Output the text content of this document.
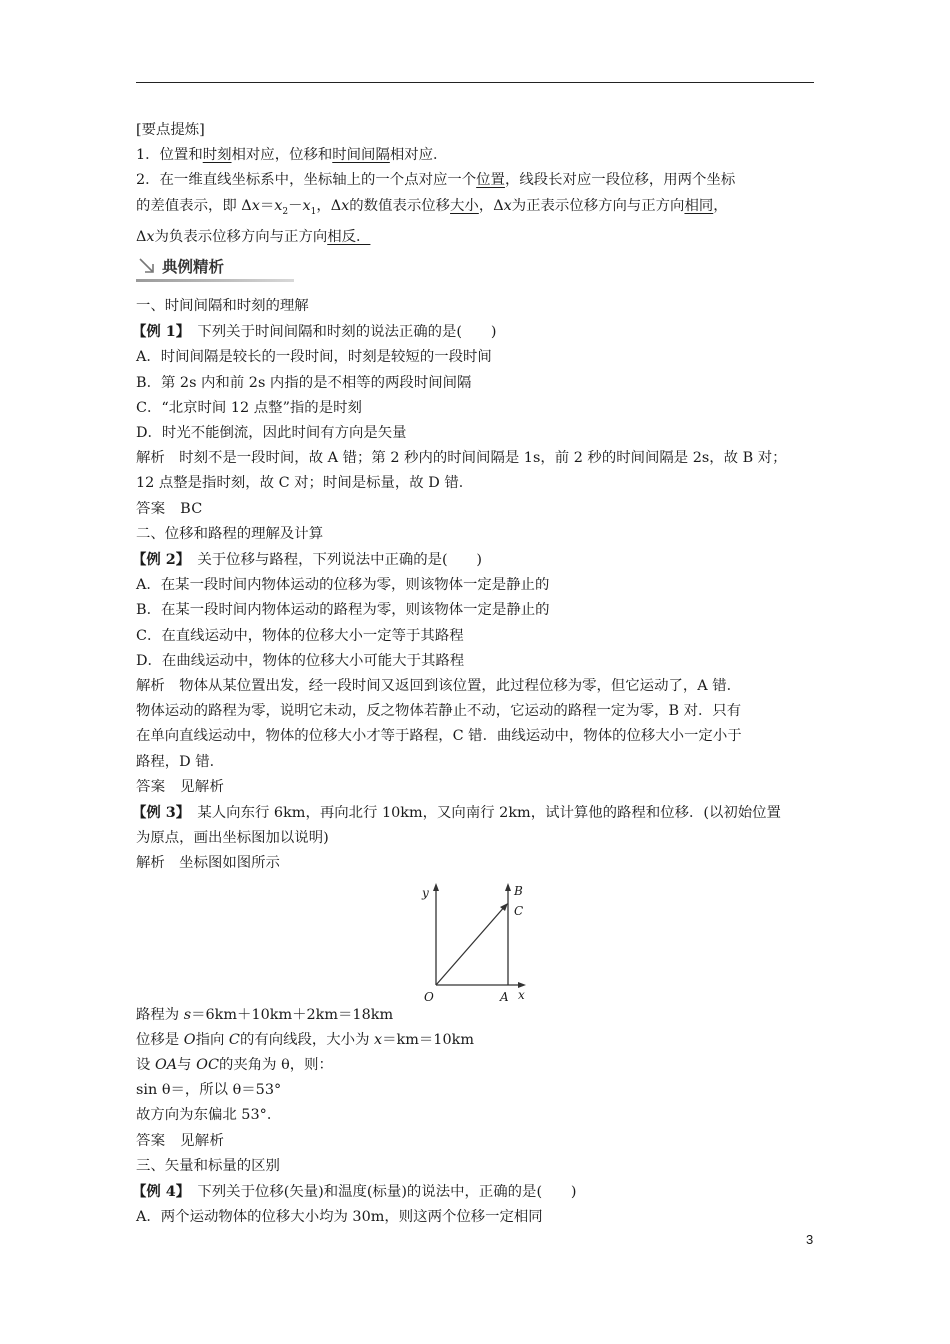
[要点提炼]
1．位置和时刻相对应，位移和时间间隔相对应．
2．在一维直线坐标系中，坐标轴上的一个点对应一个位置，线段长对应一段位移，用两个坐标
的差值表示，即 $\Delta x=x_2-x_1$，Δx的数值表示位移大小，Δx为正表示位移方向与正方向相同，
Δx为负表示位移方向与正方向相反．
典例精析
一、时间间隔和时刻的理解
【例 1】　下列关于时间间隔和时刻的说法正确的是(　　)
A．时间间隔是较长的一段时间，时刻是较短的一段时间
B．第 2s 内和前 2s 内指的是不相等的两段时间间隔
C．“北京时间 12 点整”指的是时刻
D．时光不能倒流，因此时间有方向是矢量
解析　时刻不是一段时间，故 A 错；第 2 秒内的时间间隔是 1s，前 2 秒的时间间隔是 2s，故 B 对；
12 点整是指时刻，故 C 对；时间是标量，故 D 错．
答案　BC
二、位移和路程的理解及计算
【例 2】　关于位移与路程，下列说法中正确的是(　　)
A．在某一段时间内物体运动的位移为零，则该物体一定是静止的
B．在某一段时间内物体运动的路程为零，则该物体一定是静止的
C．在直线运动中，物体的位移大小一定等于其路程
D．在曲线运动中，物体的位移大小可能大于其路程
解析　物体从某位置出发，经一段时间又返回到该位置，此过程位移为零，但它运动了，A 错．
物体运动的路程为零，说明它未动，反之物体若静止不动，它运动的路程一定为零，B 对．只有
在单向直线运动中，物体的位移大小才等于路程，C 错．曲线运动中，物体的位移大小一定小于
路程，D 错．
答案　见解析
【例 3】　某人向东行 6km，再向北行 10km，又向南行 2km，试计算他的路程和位移．(以初始位置
为原点，画出坐标图加以说明)
解析　坐标图如图所示
y	B
C
O	A x
路程为 s＝6km＋10km＋2km＝18km
位移是 O指向 C的有向线段，大小为 x＝km＝10km
设 OA与 OC的夹角为 θ，则：
sin θ＝，所以 θ＝53°
故方向为东偏北 53°．
答案　见解析
三、矢量和标量的区别
【例 4】　下列关于位移(矢量)和温度(标量)的说法中，正确的是(　　)
A．两个运动物体的位移大小均为 30m，则这两个位移一定相同
3
